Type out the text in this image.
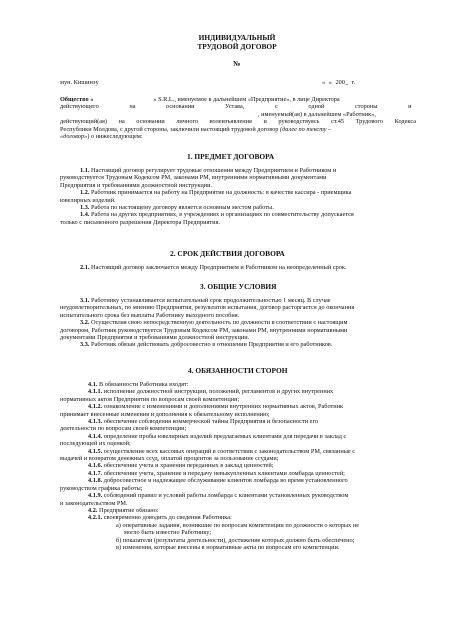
ИНДИВИДУАЛЬНЫЙ
ТРУДОВОЙ ДОГОВОР
№
мун. Кишинэу	« » 200_ г.
Общество «	» S.R.L., именуемое в дальнейшем «Предприятие», в лице Директора
действующего на основании Устава, с одной стороны и
, именуемый(ая) в дальнейшем «Работник»,
действующий(ая) на основании личного волеизъявления и руководствуясь ст.45 Трудового Кодекса
Республики Молдова, с другой стороны, заключили настоящий трудовой договор (далее по тексту –
«договор») о нижеследующем:
1. ПРЕДМЕТ ДОГОВОРА
1.1. Настоящий договор регулирует трудовые отношения между Предприятием и Работником и
руководствуется Трудовым Кодексом РМ, законами РМ, внутренними нормативными документами
Предприятия и требованиями должностной инструкции.
1.2. Работник принимается на работу на Предприятие на должность: в качестве кассира - приемщика
ювелирных изделий.
1.3. Работа по настоящему договору является основным местом работы.
1.4. Работа на других предприятиях, в учреждениях и организациях по совместительству допускается
только с письменного разрешения Директора Предприятия.
2. СРОК ДЕЙСТВИЯ ДОГОВОРА
2.1. Настоящий договор заключается между Предприятием и Работником на неопределенный срок.
3. ОБЩИЕ УСЛОВИЯ
3.1. Работнику устанавливается испытательный срок продолжительностью 1 месяц. В случае
неудовлетворительных, по мнению Предприятия, результатов испытания, договор расторгается до окончания
испытательного срока без выплаты Работнику выходного пособия.
3.2. Осуществляя свою непосредственную деятельность по должности в соответствии с настоящим
договором, Работник руководствуется Трудовым Кодексом РМ, законами РМ, внутренними нормативными
документами Предприятия и требованиями должностной инструкции.
3.3. Работник обязан действовать добросовестно в отношении Предприятия и его работников.
4. ОБЯЗАННОСТИ СТОРОН
4.1. В обязанности Работника входят:
4.1.1. исполнение должностной инструкции, положений, регламентов и других внутренних
нормативных актов Предприятия по вопросам своей компетенции;
4.1.2. ознакомление с изменениями и дополнениями внутренних нормативных актов, Работник
принимает внесенные изменения и дополнения к обязательному исполнению;
4.1.3. обеспечение соблюдения коммерческой тайны Предприятия и безопасности его
деятельности по вопросам своей компетенции;
4.1.4. определение пробы ювелирных изделий предлагаемых клиентами для передачи в заклад с
последующей их оценкой;
4.1.5. осуществление всех кассовых операций в соответствии с законодательством РМ, связанные с
выдачей и возвратом денежных ссуд, оплатой процентов за пользование ссудами;
4.1.6. обеспечение учета и хранения переданных в заклад ценностей;
4.1.7. обеспечение учета, хранение и передачу невыкупленных клиентами ломбарда ценностей;
4.1.8. добросовестное и надлежащее обслуживание клиентов ломбарда во время установленного
руководством графика работы;
4.1.9. соблюдений правил и условий работы ломбарда с клиентами установленных руководством
и законодательством РМ.
4.2. Предприятие обязано:
4.2.1. своевременно доводить до сведения Работника:
a) оперативные задания, возникшие по вопросам компетенции по должности о которых не
могло быть известно Работнику;
б) показатели (результаты деятельности), достижение которых должно быть обеспечено;
в) изменения, которые внесены в нормативные акты по вопросам его компетенции.
